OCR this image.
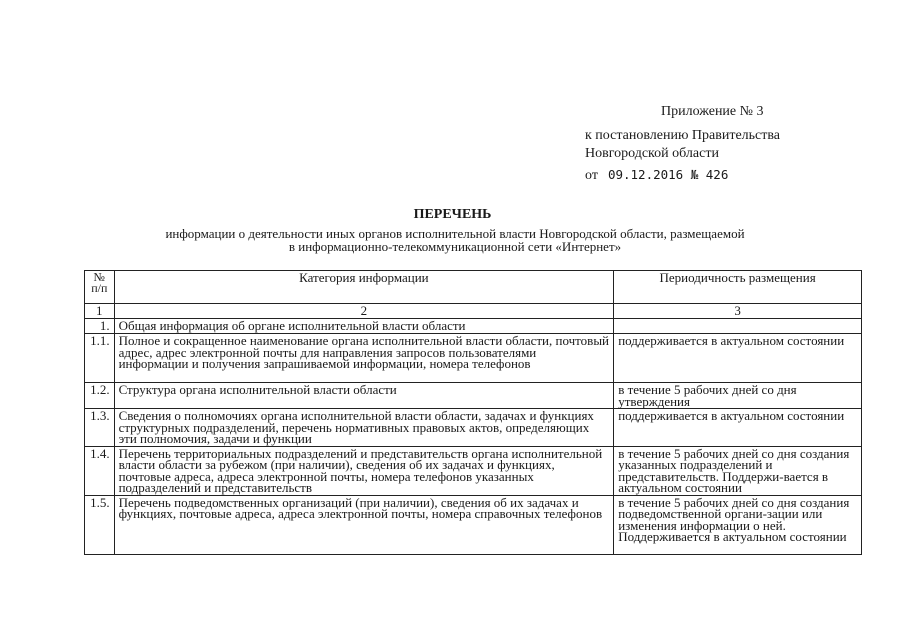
Приложение № 3
к постановлению Правительства
Новгородской области
от 09.12.2016 № 426
ПЕРЕЧЕНЬ
информации о деятельности иных органов исполнительной власти Новгородской области, размещаемой
в информационно-телекоммуникационной сети «Интернет»
№ п/п	Категория информации	Периодичность размещения
1	2	3
1.	Общая информация об органе исполнительной власти области	
1.1.	Полное и сокращенное наименование органа исполнительной власти области, почтовый адрес, адрес электронной почты для направления запросов пользователями информации и получения запрашиваемой информации, номера телефонов	поддерживается в актуальном состоянии
1.2.	Структура органа исполнительной власти области	в течение 5 рабочих дней со дня утверждения
1.3.	Сведения о полномочиях органа исполнительной власти области, задачах и функциях структурных подразделений, перечень нормативных правовых актов, определяющих эти полномочия, задачи и функции	поддерживается в актуальном состоянии
1.4.	Перечень территориальных подразделений и представительств органа исполнительной власти области за рубежом (при наличии), сведения об их задачах и функциях, почтовые адреса, адреса электронной почты, номера телефонов указанных подразделений и представительств	в течение 5 рабочих дней со дня создания указанных подразделений и представительств. Поддержи-вается в актуальном состоянии
1.5.	Перечень подведомственных организаций (при наличии), сведения об их задачах и функциях, почтовые адреса, адреса электронной почты, номера справочных телефонов	в течение 5 рабочих дней со дня создания подведомственной органи-зации или изменения информации о ней. Поддерживается в актуальном состоянии
